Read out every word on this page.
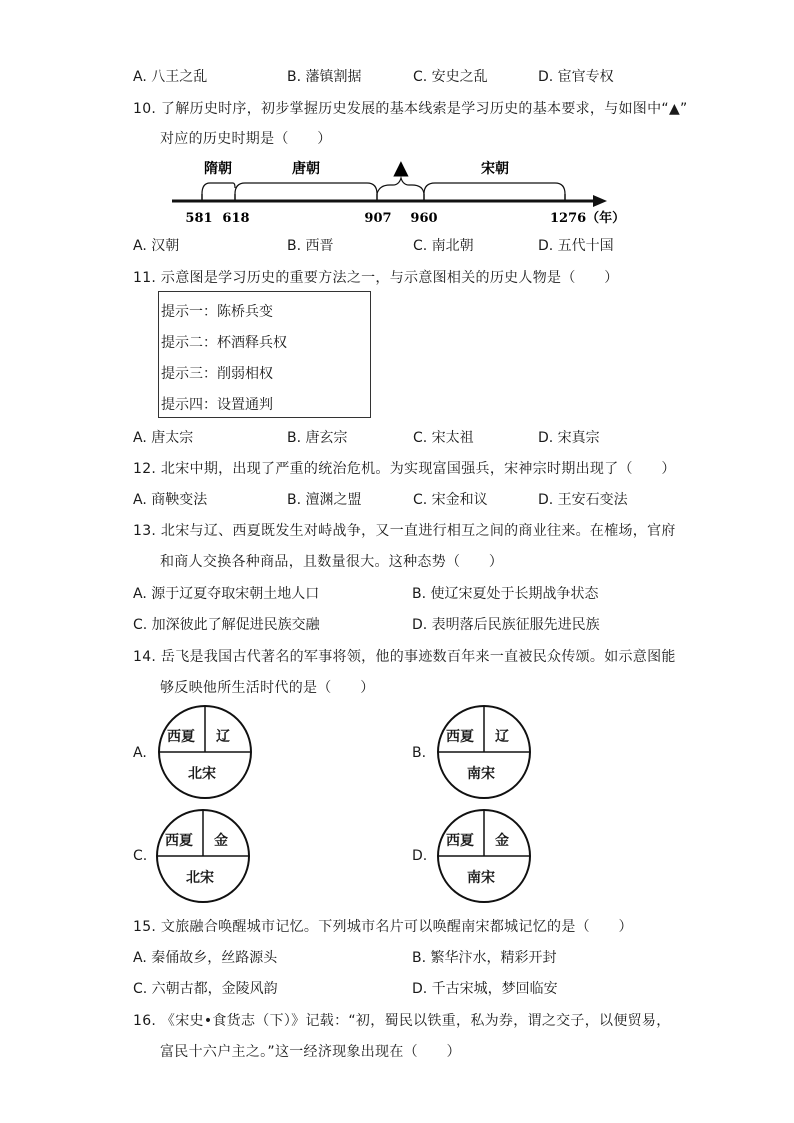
A. 八王之乱	B. 藩镇割据	C. 安史之乱	D. 宦官专权
10. 了解历史时序，初步掌握历史发展的基本线索是学习历史的基本要求，与如图中“▲”
对应的历史时期是（　　）
隋朝	唐朝	宋朝
▲
581 618	907 960	1276（年）
A. 汉朝	B. 西晋	C. 南北朝	D. 五代十国
11. 示意图是学习历史的重要方法之一，与示意图相关的历史人物是（　　）
提示一：陈桥兵变
提示二：杯酒释兵权
提示三：削弱相权
提示四：设置通判
A. 唐太宗	B. 唐玄宗	C. 宋太祖	D. 宋真宗
12. 北宋中期，出现了严重的统治危机。为实现富国强兵，宋神宗时期出现了（　　）
A. 商鞅变法	B. 澶渊之盟	C. 宋金和议	D. 王安石变法
13. 北宋与辽、西夏既发生对峙战争，又一直进行相互之间的商业往来。在榷场，官府
和商人交换各种商品，且数量很大。这种态势（　　）
A. 源于辽夏夺取宋朝土地人口	B. 使辽宋夏处于长期战争状态
C. 加深彼此了解促进民族交融	D. 表明落后民族征服先进民族
14. 岳飞是我国古代著名的军事将领，他的事迹数百年来一直被民众传颂。如示意图能
够反映他所生活时代的是（　　）
A.
西夏 辽
北宋
B.
西夏 辽
南宋
C.
西夏 金
北宋
D.
西夏 金
南宋
15. 文旅融合唤醒城市记忆。下列城市名片可以唤醒南宋都城记忆的是（　　）
A. 秦俑故乡，丝路源头	B. 繁华汴水，精彩开封
C. 六朝古都，金陵风韵	D. 千古宋城，梦回临安
16. 《宋史•食货志（下）》记载：“初，蜀民以铁重，私为券，谓之交子，以便贸易，
富民十六户主之。”这一经济现象出现在（　　）
